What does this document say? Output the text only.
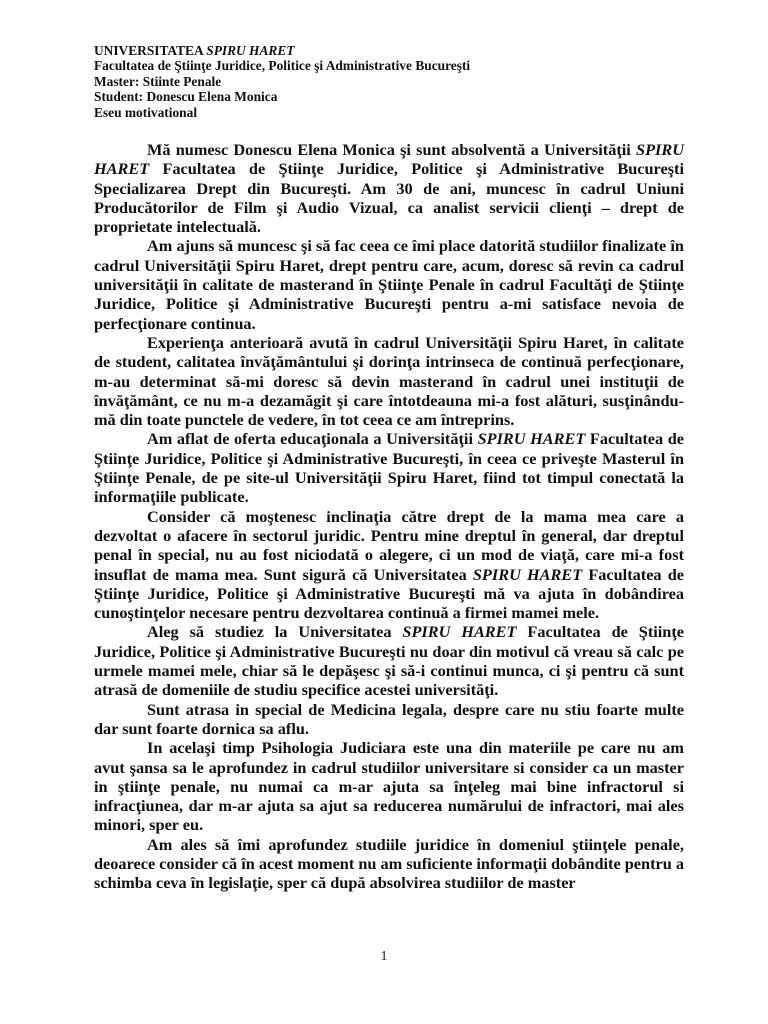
UNIVERSITATEA SPIRU HARET
Facultatea de Ştiinţe Juridice, Politice şi Administrative Bucureşti
Master: Stiinte Penale
Student: Donescu Elena Monica
Eseu motivational

Mă numesc Donescu Elena Monica şi sunt absolventă a Universităţii SPIRU HARET Facultatea de Ştiinţe Juridice, Politice şi Administrative Bucureşti Specializarea Drept din Bucureşti. Am 30 de ani, muncesc în cadrul Uniuni Producătorilor de Film şi Audio Vizual, ca analist servicii clienţi – drept de proprietate intelectuală.

Am ajuns să muncesc şi să fac ceea ce îmi place datorită studiilor finalizate în cadrul Universităţii Spiru Haret, drept pentru care, acum, doresc să revin ca cadrul universităţii în calitate de masterand în Ştiinţe Penale în cadrul Facultăţi de Ştiinţe Juridice, Politice şi Administrative Bucureşti pentru a-mi satisface nevoia de perfecţionare continua.

Experienţa anterioară avută în cadrul Universităţii Spiru Haret, în calitate de student, calitatea învăţământului şi dorinţa intrinseca de continuă perfecţionare, m-au determinat să-mi doresc să devin masterand în cadrul unei instituţii de învăţământ, ce nu m-a dezamăgit şi care întotdeauna mi-a fost alături, susţinându-mă din toate punctele de vedere, în tot ceea ce am întreprins.

Am aflat de oferta educaţionala a Universităţii SPIRU HARET Facultatea de Ştiinţe Juridice, Politice şi Administrative Bucureşti, în ceea ce priveşte Masterul în Ştiinţe Penale, de pe site-ul Universităţii Spiru Haret, fiind tot timpul conectată la informaţiile publicate.

Consider că moştenesc inclinaţia către drept de la mama mea care a dezvoltat o afacere în sectorul juridic. Pentru mine dreptul în general, dar dreptul penal în special, nu au fost niciodată o alegere, ci un mod de viaţă, care mi-a fost insuflat de mama mea. Sunt sigură că Universitatea SPIRU HARET Facultatea de Ştiinţe Juridice, Politice şi Administrative Bucureşti mă va ajuta în dobândirea cunoştinţelor necesare pentru dezvoltarea continuă a firmei mamei mele.

Aleg să studiez la Universitatea SPIRU HARET Facultatea de Ştiinţe Juridice, Politice şi Administrative Bucureşti nu doar din motivul că vreau să calc pe urmele mamei mele, chiar să le depăşesc şi să-i continui munca, ci şi pentru că sunt atrasă de domeniile de studiu specifice acestei universităţi.

Sunt atrasa in special de Medicina legala, despre care nu stiu foarte multe dar sunt foarte dornica sa aflu.

In acelaşi timp Psihologia Judiciara este una din materiile pe care nu am avut şansa sa le aprofundez in cadrul studiilor universitare si consider ca un master in ştiinţe penale, nu numai ca m-ar ajuta sa înţeleg mai bine infractorul si infracţiunea, dar m-ar ajuta sa ajut sa reducerea numărului de infractori, mai ales minori, sper eu.

Am ales să îmi aprofundez studiile juridice în domeniul ştiinţele penale, deoarece consider că în acest moment nu am suficiente informaţii dobândite pentru a schimba ceva în legislaţie, sper că după absolvirea studiilor de master

1
